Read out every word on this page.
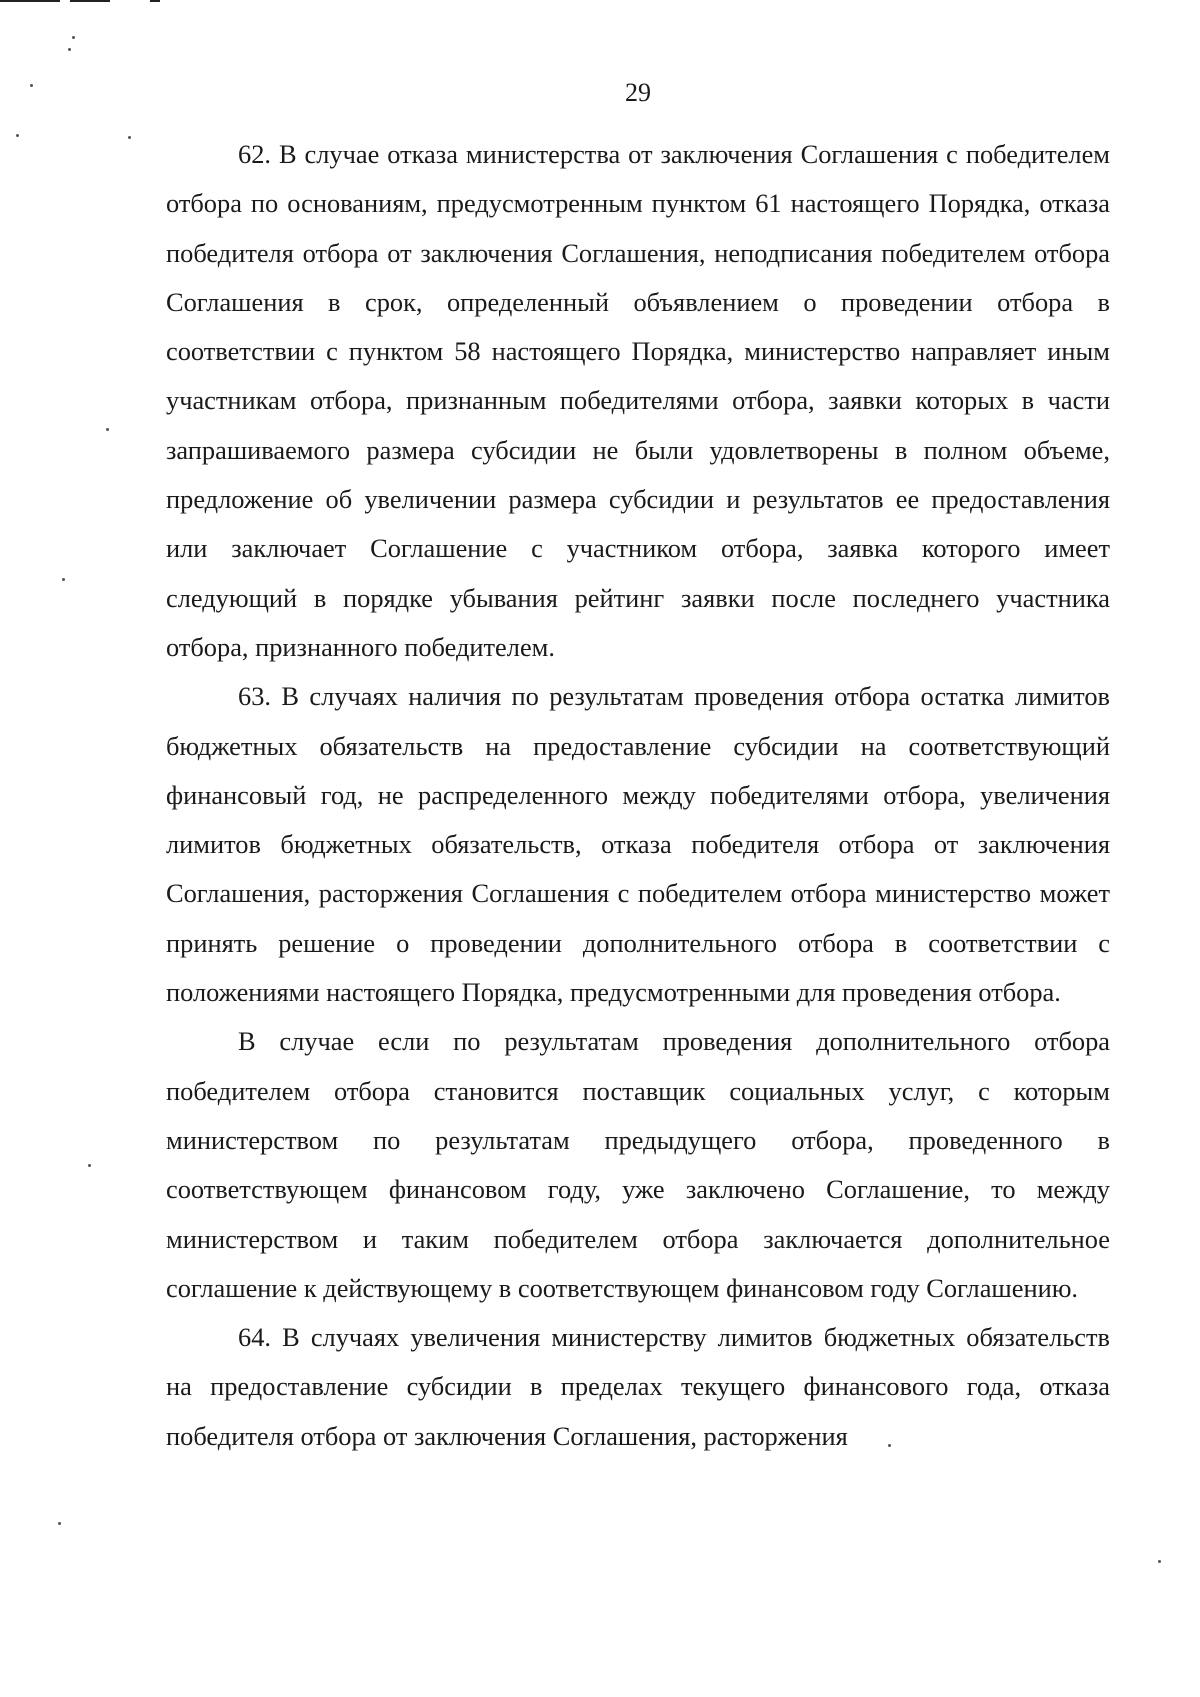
29

62. В случае отказа министерства от заключения Соглашения с победителем отбора по основаниям, предусмотренным пунктом 61 настоящего Порядка, отказа победителя отбора от заключения Соглашения, неподписания победителем отбора Соглашения в срок, определенный объявлением о проведении отбора в соответствии с пунктом 58 настоящего Порядка, министерство направляет иным участникам отбора, признанным победителями отбора, заявки которых в части запрашиваемого размера субсидии не были удовлетворены в полном объеме, предложение об увеличении размера субсидии и результатов ее предоставления или заключает Соглашение с участником отбора, заявка которого имеет следующий в порядке убывания рейтинг заявки после последнего участника отбора, признанного победителем.

63. В случаях наличия по результатам проведения отбора остатка лимитов бюджетных обязательств на предоставление субсидии на соответствующий финансовый год, не распределенного между победителями отбора, увеличения лимитов бюджетных обязательств, отказа победителя отбора от заключения Соглашения, расторжения Соглашения с победителем отбора министерство может принять решение о проведении дополнительного отбора в соответствии с положениями настоящего Порядка, предусмотренными для проведения отбора.

В случае если по результатам проведения дополнительного отбора победителем отбора становится поставщик социальных услуг, с которым министерством по результатам предыдущего отбора, проведенного в соответствующем финансовом году, уже заключено Соглашение, то между министерством и таким победителем отбора заключается дополнительное соглашение к действующему в соответствующем финансовом году Соглашению.

64. В случаях увеличения министерству лимитов бюджетных обязательств на предоставление субсидии в пределах текущего финансового года, отказа победителя отбора от заключения Соглашения, расторжения
